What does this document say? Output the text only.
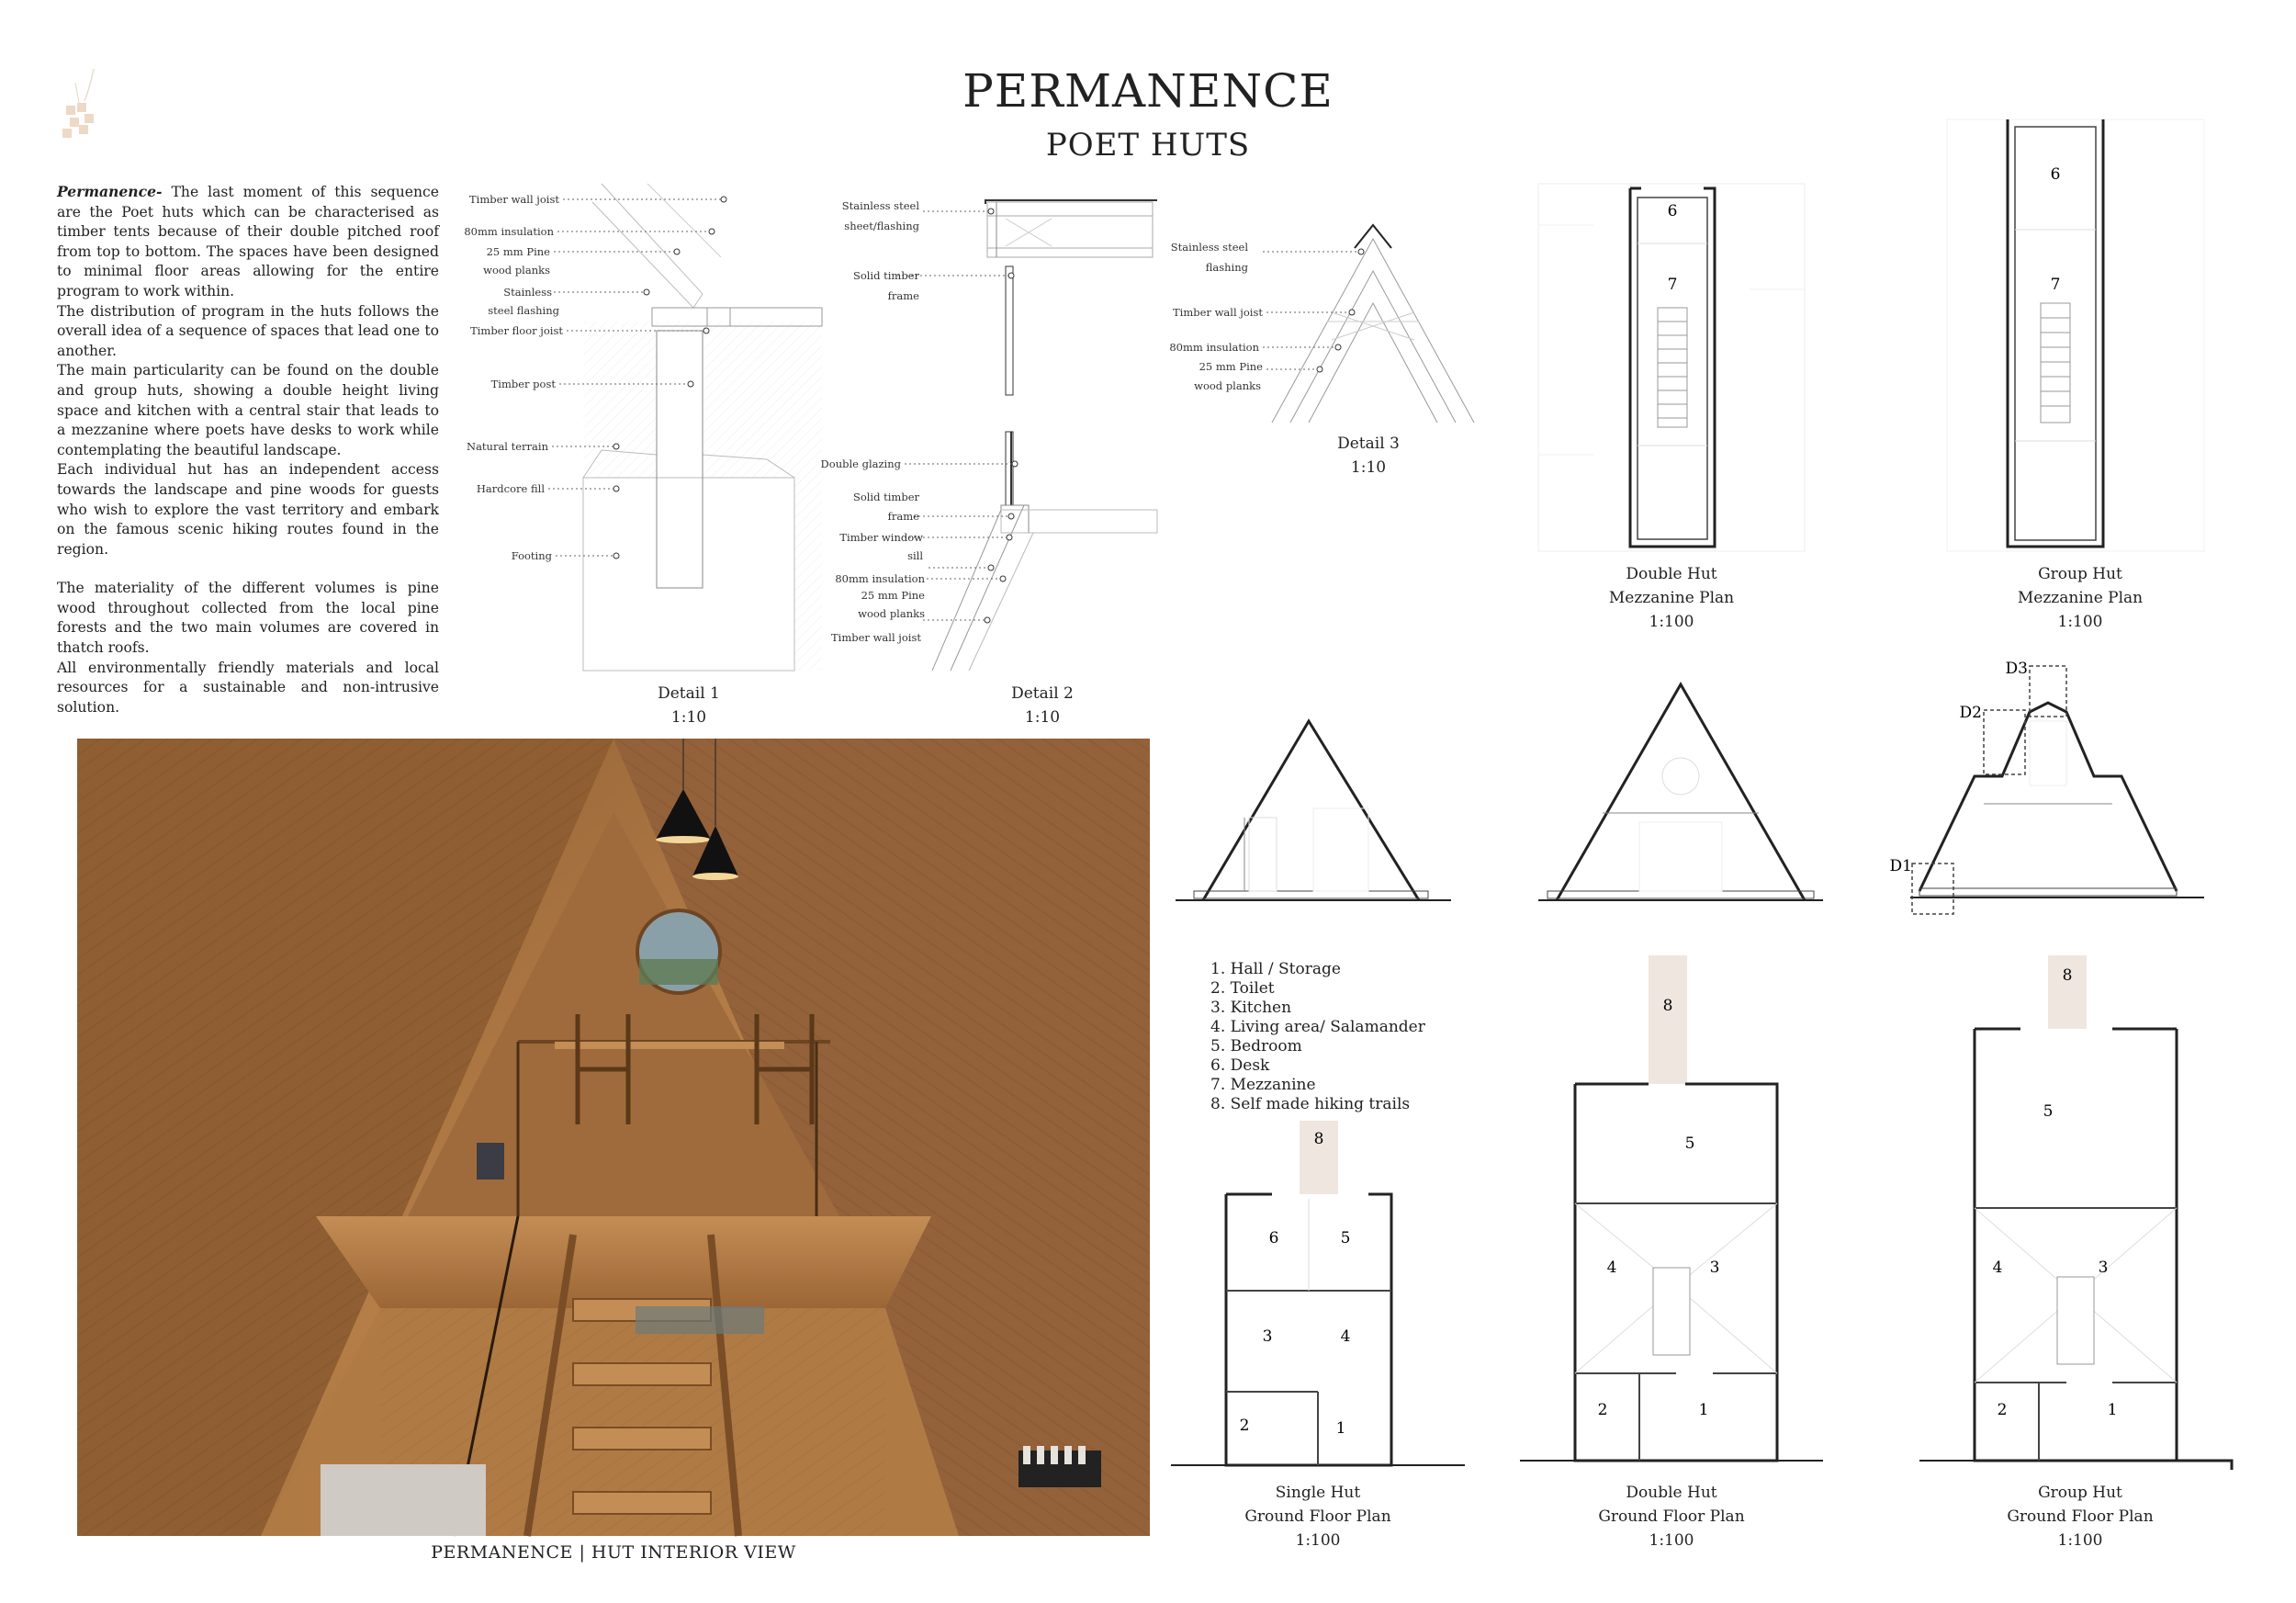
PERMANENCE
POET HUTS

Permanence- The last moment of this sequence are the Poet huts which can be characterised as timber tents because of their double pitched roof from top to bottom. The spaces have been designed to minimal floor areas allowing for the entire program to work within.

The distribution of program in the huts follows the overall idea of a sequence of spaces that lead one to another.

The main particularity can be found on the double and group huts, showing a double height living space and kitchen with a central stair that leads to a mezzanine where poets have desks to work while contemplating the beautiful landscape.

Each individual hut has an independent access towards the landscape and pine woods for guests who wish to explore the vast territory and embark on the famous scenic hiking routes found in the region.

The materiality of the different volumes is pine wood throughout collected from the local pine forests and the two main volumes are covered in thatch roofs.

All environmentally friendly materials and local resources for a sustainable and non-intrusive solution.

Timber wall joist
80mm insulation
25 mm Pine
wood planks
Stainless
steel flashing
Timber floor joist
Timber post
Natural terrain
Hardcore fill
Footing
Detail 1
1:10
Stainless steel
sheet/flashing
Solid timber
frame
Double glazing
Solid timber
frame
Timber window
sill
80mm insulation
25 mm Pine
wood planks
Timber wall joist
Detail 2
1:10
Stainless steel
flashing
Timber wall joist
80mm insulation
25 mm Pine
wood planks
Detail 3
1:10
6
7
Double Hut
Mezzanine Plan
1:100
6
7
Group Hut
Mezzanine Plan
1:100
D3
D2
D1
1. Hall / Storage
2. Toilet
3. Kitchen
4. Living area/ Salamander
5. Bedroom
6. Desk
7. Mezzanine
8. Self made hiking trails
8
6	5
3	4
2	1
Single Hut
Ground Floor Plan
1:100
8
5
4	3
2	1
Double Hut
Ground Floor Plan
1:100
8
5
4	3
2	1
Group Hut
Ground Floor Plan
1:100
PERMANENCE | HUT INTERIOR VIEW
